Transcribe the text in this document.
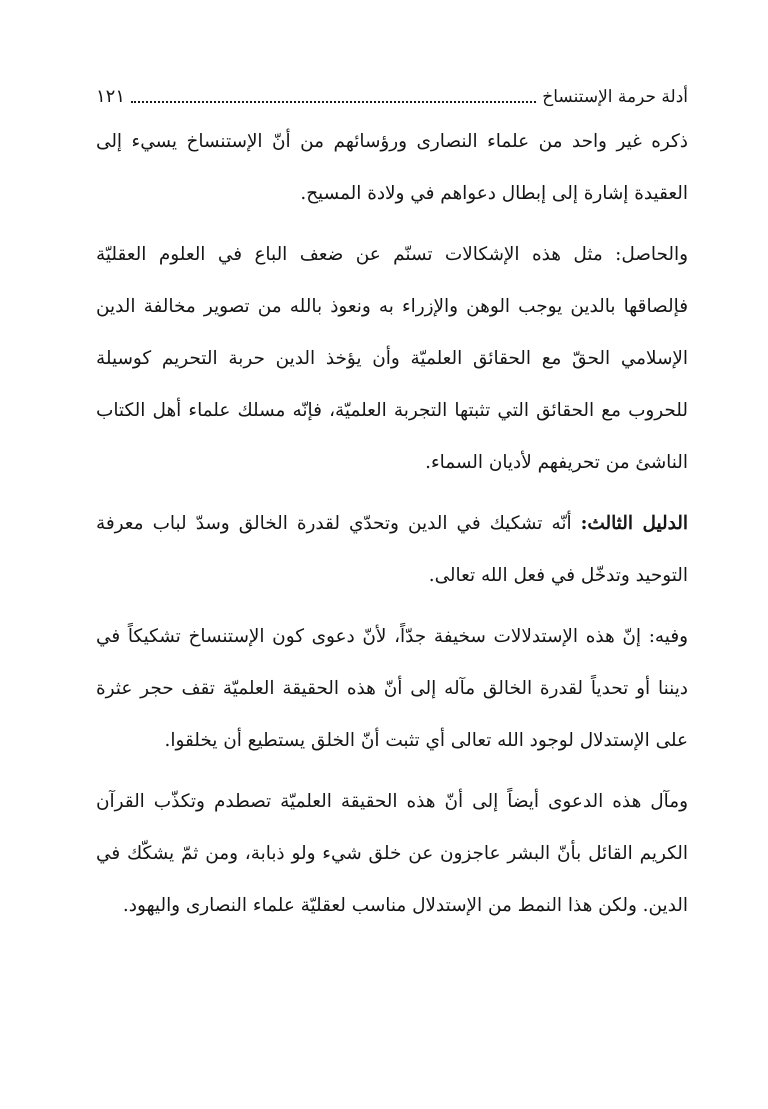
أدلة حرمة الإستنساخ
١٢١

ذكره غير واحد من علماء النصارى ورؤسائهم من أنّ الإستنساخ يسيء إلى العقيدة إشارة إلى إبطال دعواهم في ولادة المسيح.

والحاصل: مثل هذه الإشكالات تسنّم عن ضعف الباع في العلوم العقليّة فإلصاقها بالدين يوجب الوهن والإزراء به ونعوذ بالله من تصوير مخالفة الدين الإسلامي الحقّ مع الحقائق العلميّة وأن يؤخذ الدين حربة التحريم كوسيلة للحروب مع الحقائق التي تثبتها التجربة العلميّة، فإنّه مسلك علماء أهل الكتاب الناشئ من تحريفهم لأديان السماء.

الدليل الثالث: أنّه تشكيك في الدين وتحدّي لقدرة الخالق وسدّ لباب معرفة التوحيد وتدخّل في فعل الله تعالى.

وفيه: إنّ هذه الإستدلالات سخيفة جدّاً، لأنّ دعوى كون الإستنساخ تشكيكاً في ديننا أو تحدياً لقدرة الخالق مآله إلى أنّ هذه الحقيقة العلميّة تقف حجر عثرة على الإستدلال لوجود الله تعالى أي تثبت أنّ الخلق يستطيع أن يخلقوا.

ومآل هذه الدعوى أيضاً إلى أنّ هذه الحقيقة العلميّة تصطدم وتكذّب القرآن الكريم القائل بأنّ البشر عاجزون عن خلق شيء ولو ذبابة، ومن ثمّ يشكّك في الدين. ولكن هذا النمط من الإستدلال مناسب لعقليّة علماء النصارى واليهود.
